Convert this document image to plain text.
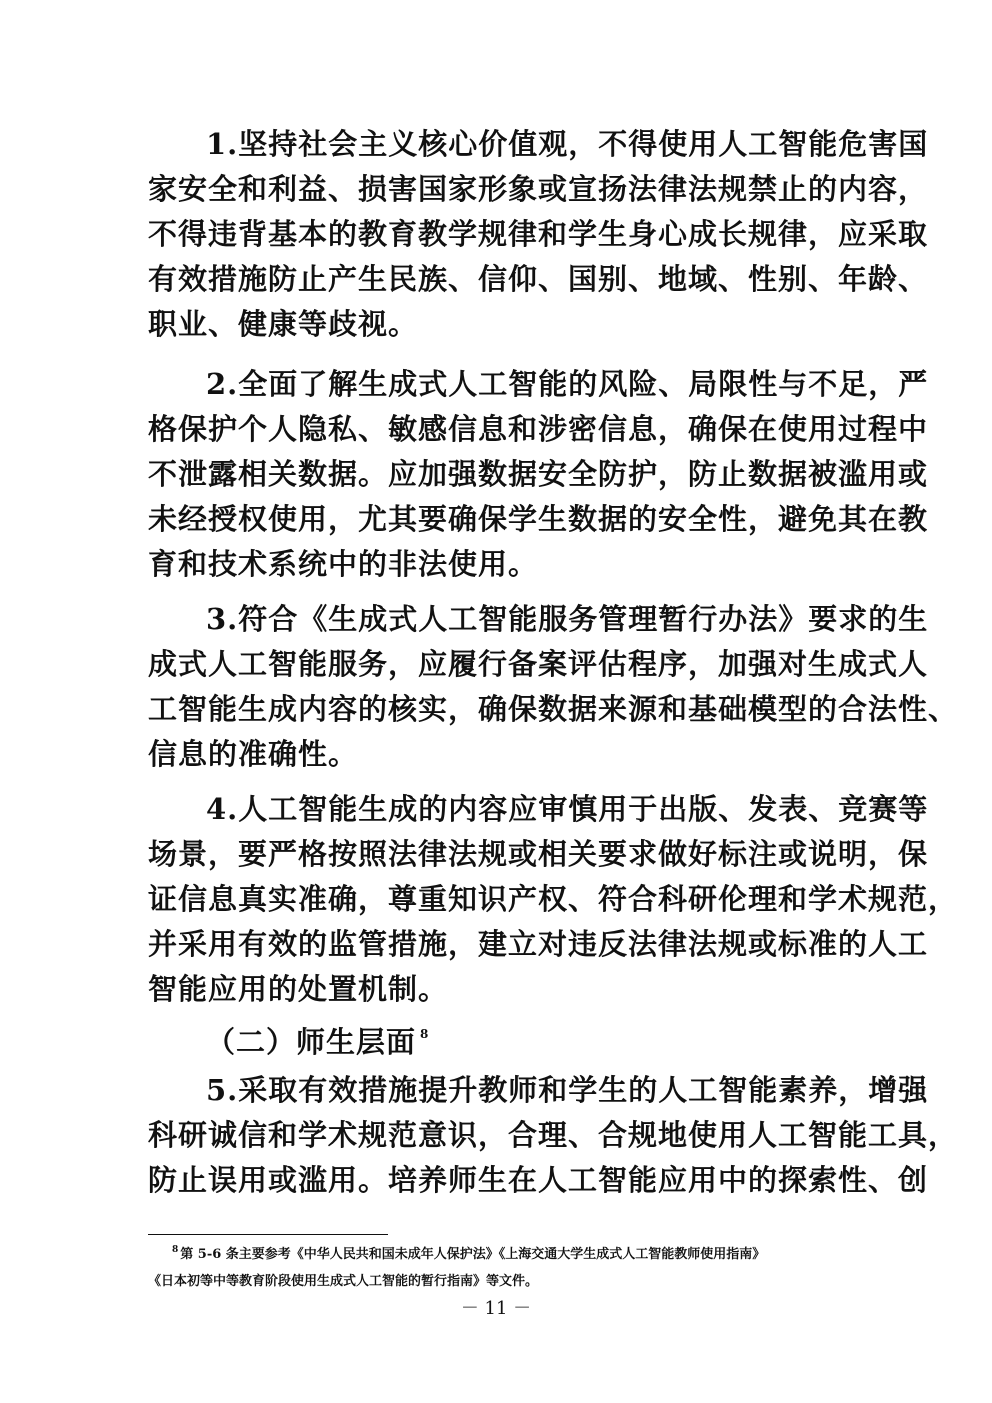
1.坚持社会主义核心价值观，不得使用人工智能危害国
家安全和利益、损害国家形象或宣扬法律法规禁止的内容，
不得违背基本的教育教学规律和学生身心成长规律，应采取
有效措施防止产生民族、信仰、国别、地域、性别、年龄、
职业、健康等歧视。
2.全面了解生成式人工智能的风险、局限性与不足，严
格保护个人隐私、敏感信息和涉密信息，确保在使用过程中
不泄露相关数据。应加强数据安全防护，防止数据被滥用或
未经授权使用，尤其要确保学生数据的安全性，避免其在教
育和技术系统中的非法使用。
3.符合《生成式人工智能服务管理暂行办法》要求的生
成式人工智能服务，应履行备案评估程序，加强对生成式人
工智能生成内容的核实，确保数据来源和基础模型的合法性、
信息的准确性。
4.人工智能生成的内容应审慎用于出版、发表、竞赛等
场景，要严格按照法律法规或相关要求做好标注或说明，保
证信息真实准确，尊重知识产权、符合科研伦理和学术规范，
并采用有效的监管措施，建立对违反法律法规或标准的人工
智能应用的处置机制。
（二）师生层面 $^8$
5.采取有效措施提升教师和学生的人工智能素养，增强
科研诚信和学术规范意识，合理、合规地使用人工智能工具，
防止误用或滥用。培养师生在人工智能应用中的探索性、创
$^8$ 第 5-6 条主要参考《中华人民共和国未成年人保护法》《上海交通大学生成式人工智能教师使用指南》
《日本初等中等教育阶段使用生成式人工智能的暂行指南》等文件。
－ 11 －
